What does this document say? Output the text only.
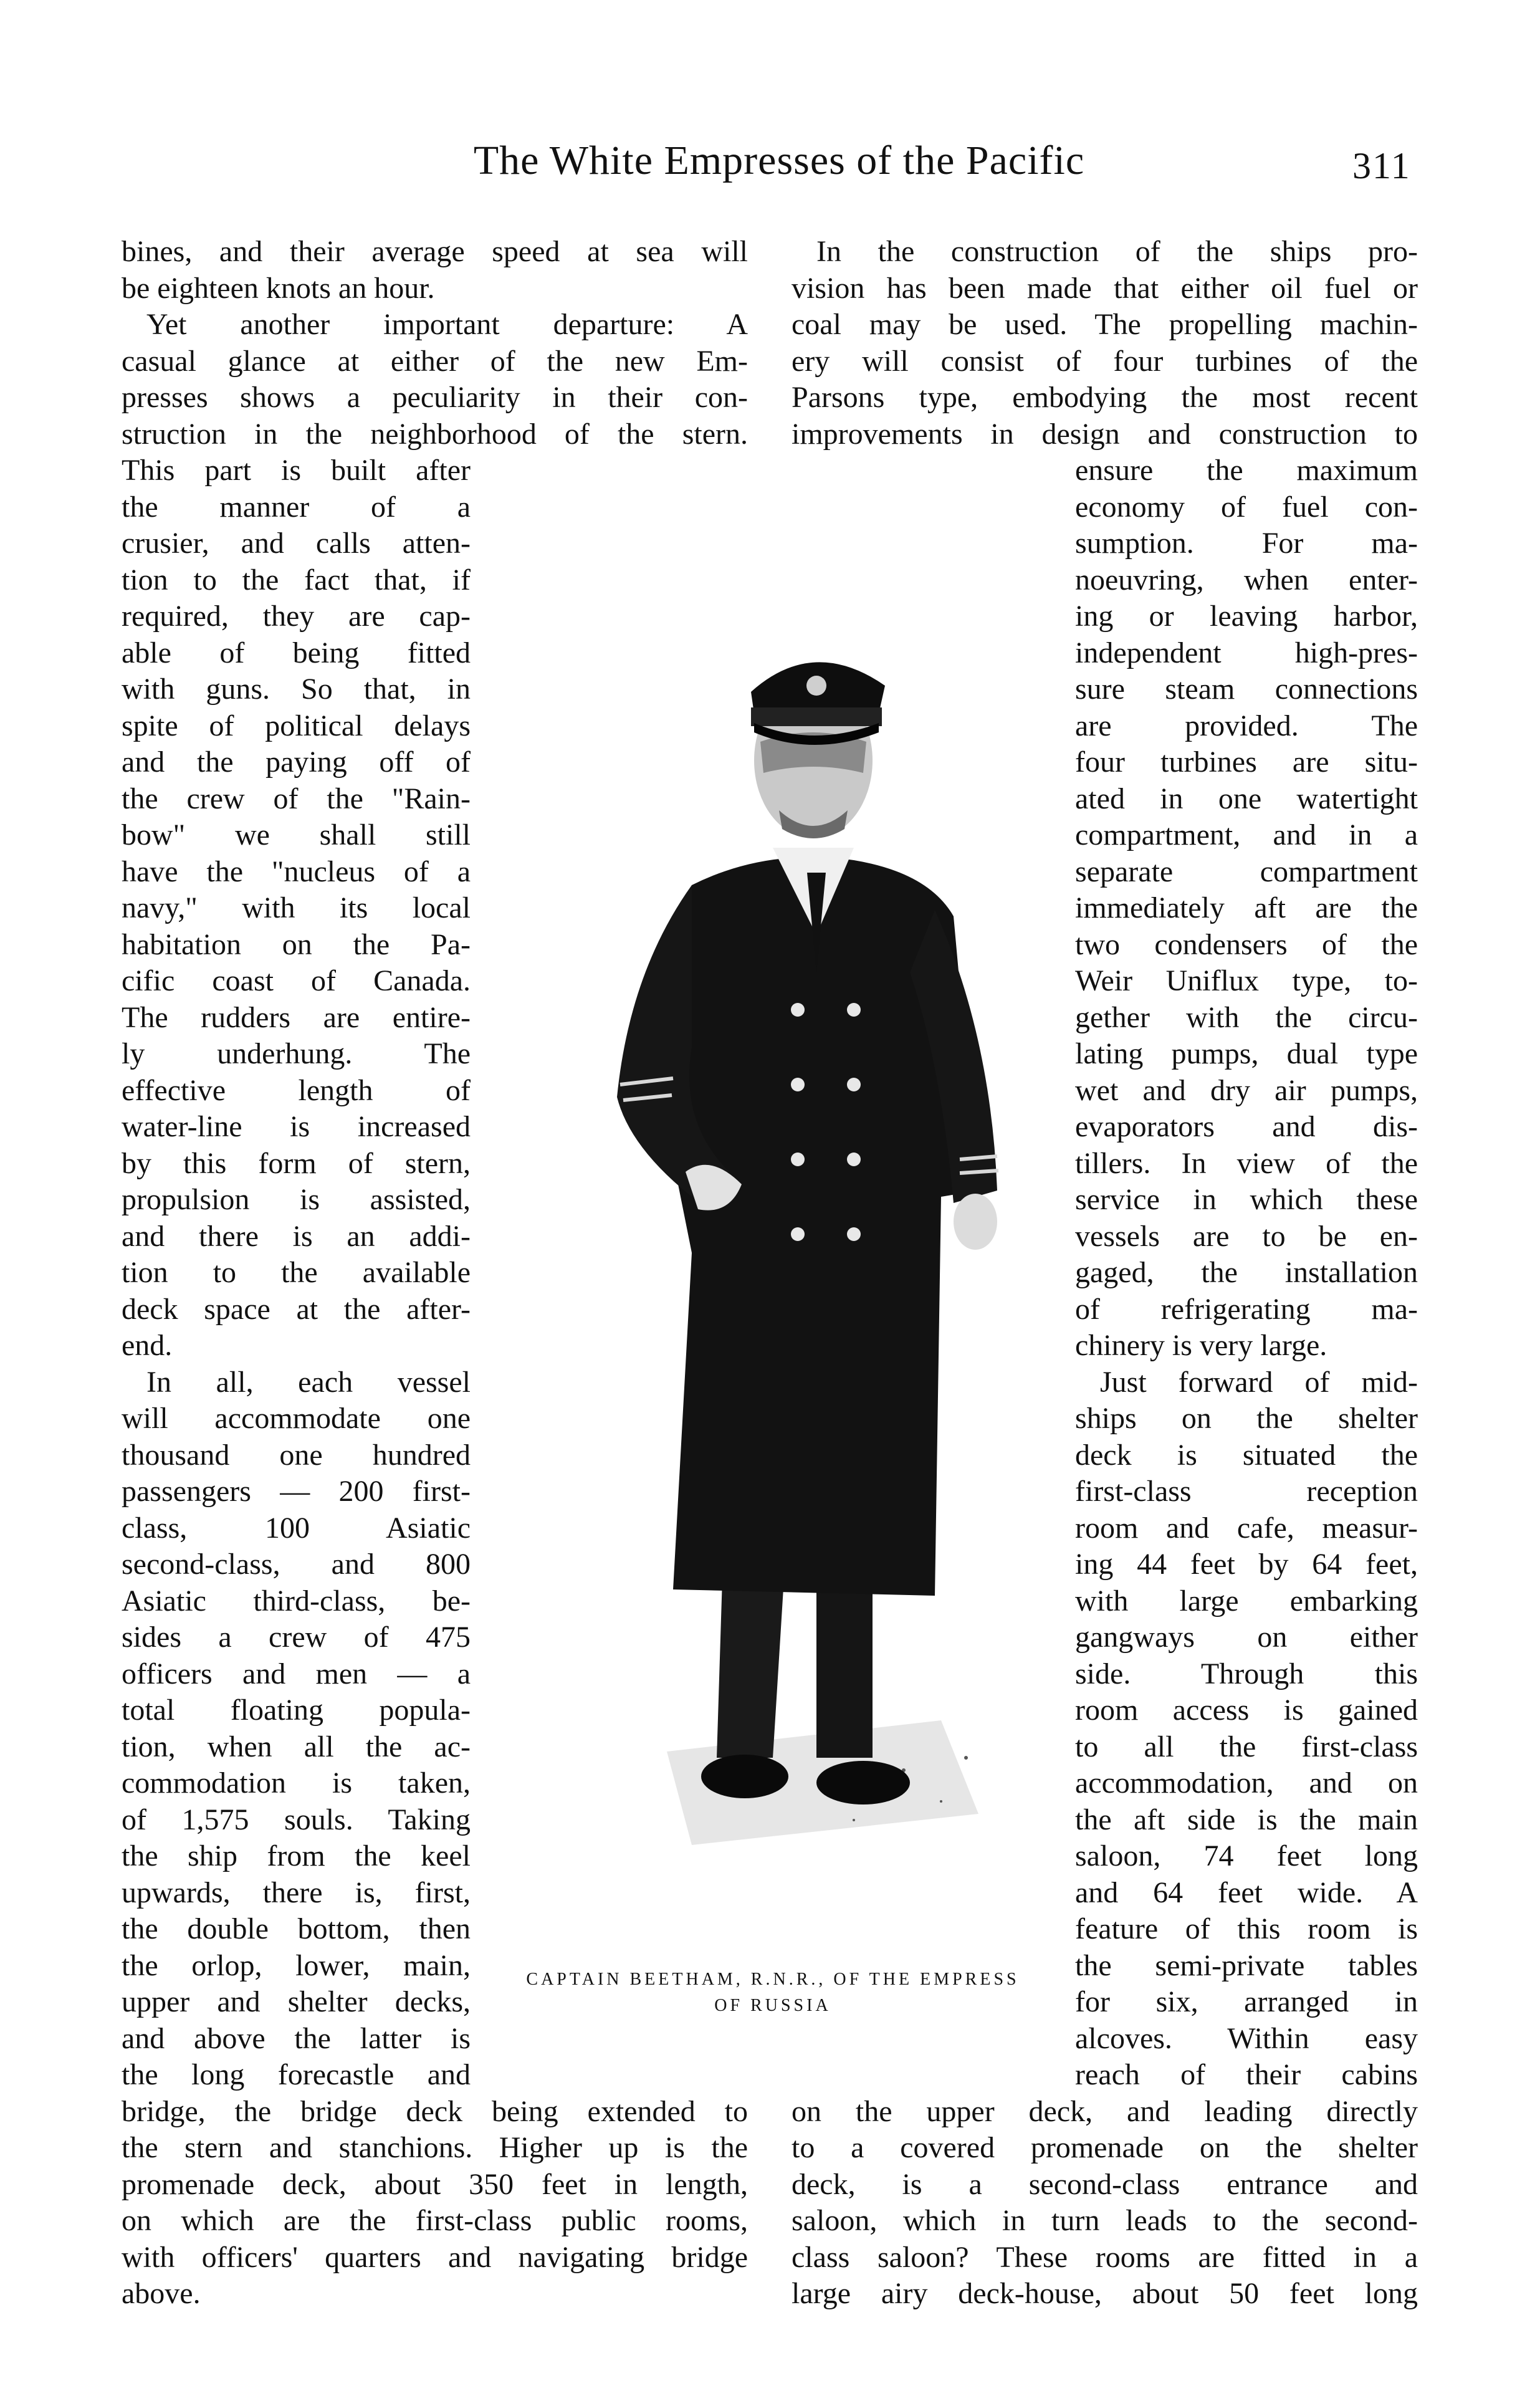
The White Empresses of the Pacific	311
bines, and their average speed at sea will
be eighteen knots an hour.
Yet another important departure: A
casual glance at either of the new Em-
presses shows a peculiarity in their con-
struction in the neighborhood of the stern.
This part is built after
the manner of a
crusier, and calls atten-
tion to the fact that, if
required, they are cap-
able of being fitted
with guns. So that, in
spite of political delays
and the paying off of
the crew of the "Rain-
bow" we shall still
have the "nucleus of a
navy," with its local
habitation on the Pa-
cific coast of Canada.
The rudders are entire-
ly underhung. The
effective length of
water-line is increased
by this form of stern,
propulsion is assisted,
and there is an addi-
tion to the available
deck space at the after-
end.
In all, each vessel
will accommodate one
thousand one hundred
passengers — 200 first-
class, 100 Asiatic
second-class, and 800
Asiatic third-class, be-
sides a crew of 475
officers and men — a
total floating popula-
tion, when all the ac-
commodation is taken,
of 1,575 souls. Taking
the ship from the keel
upwards, there is, first,
the double bottom, then
the orlop, lower, main,
upper and shelter decks,
and above the latter is
the long forecastle and
bridge, the bridge deck being extended to
the stern and stanchions. Higher up is the
promenade deck, about 350 feet in length,
on which are the first-class public rooms,
with officers' quarters and navigating bridge
above.
In the construction of the ships pro-
vision has been made that either oil fuel or
coal may be used. The propelling machin-
ery will consist of four turbines of the
Parsons type, embodying the most recent
improvements in design and construction to
ensure the maximum
economy of fuel con-
sumption. For ma-
noeuvring, when enter-
ing or leaving harbor,
independent high-pres-
sure steam connections
are provided. The
four turbines are situ-
ated in one watertight
compartment, and in a
separate compartment
immediately aft are the
two condensers of the
Weir Uniflux type, to-
gether with the circu-
lating pumps, dual type
wet and dry air pumps,
evaporators and dis-
tillers. In view of the
service in which these
vessels are to be en-
gaged, the installation
of refrigerating ma-
chinery is very large.
Just forward of mid-
ships on the shelter
deck is situated the
first-class reception
room and cafe, measur-
ing 44 feet by 64 feet,
with large embarking
gangways on either
side. Through this
room access is gained
to all the first-class
accommodation, and on
the aft side is the main
saloon, 74 feet long
and 64 feet wide. A
feature of this room is
the semi-private tables
for six, arranged in
alcoves. Within easy
reach of their cabins
on the upper deck, and leading directly
to a covered promenade on the shelter
deck, is a second-class entrance and
saloon, which in turn leads to the second-
class saloon? These rooms are fitted in a
large airy deck-house, about 50 feet long
CAPTAIN BEETHAM, R.N.R., OF THE EMPRESS
OF RUSSIA
